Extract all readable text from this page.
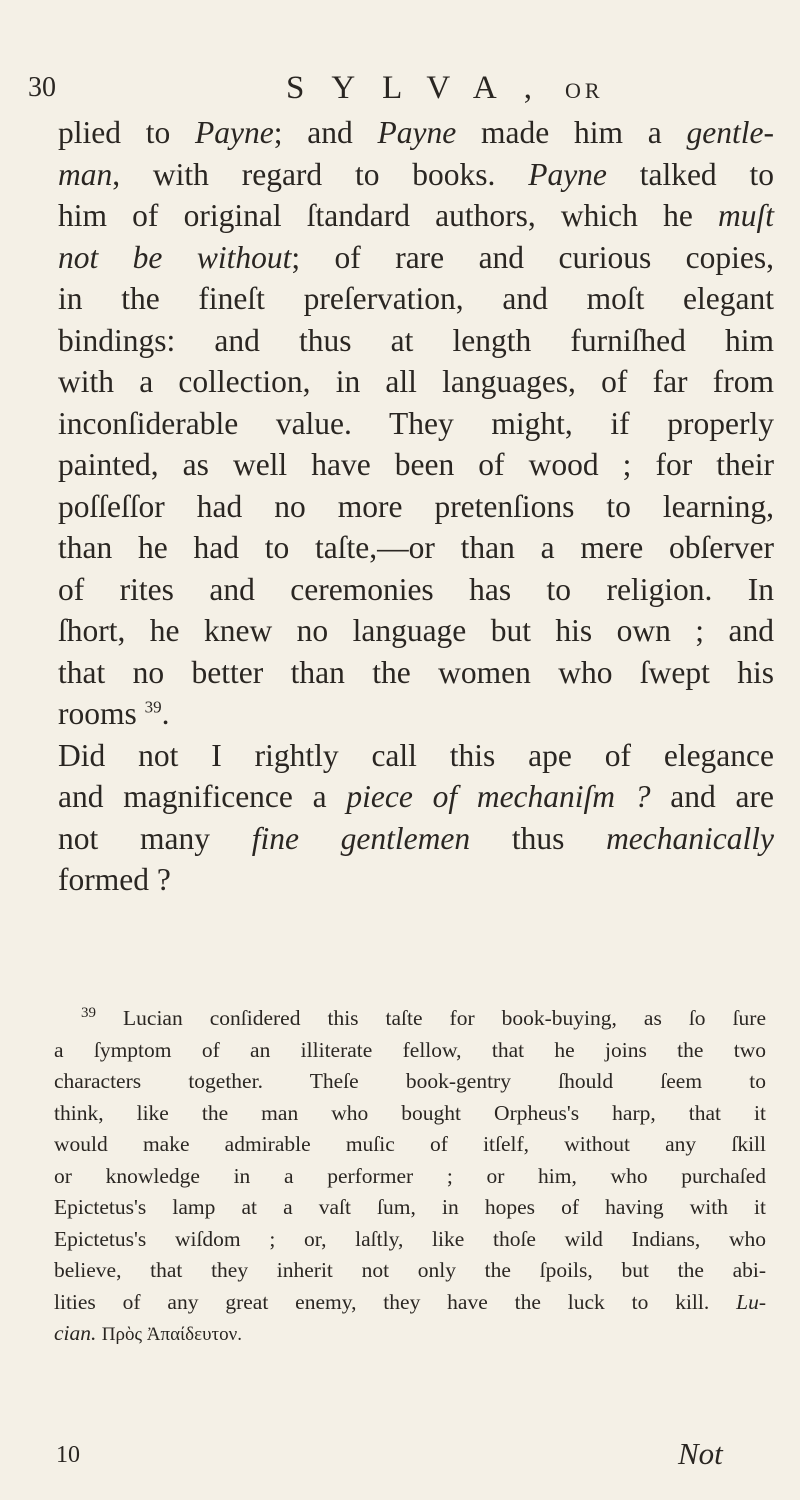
30	SYLVA, OR
plied to Payne; and Payne made him a gentle-
man, with regard to books. Payne talked to
him of original ſtandard authors, which he muſt
not be without; of rare and curious copies,
in the fineſt preſervation, and moſt elegant
bindings: and thus at length furniſhed him
with a collection, in all languages, of far from
inconſiderable value. They might, if properly
painted, as well have been of wood ; for their
poſſeſſor had no more pretenſions to learning,
than he had to taſte,—or than a mere obſerver
of rites and ceremonies has to religion. In
ſhort, he knew no language but his own ; and
that no better than the women who ſwept his
rooms $^{39}$.
Did not I rightly call this ape of elegance
and magnificence a piece of mechaniſm ? and are
not many fine gentlemen thus mechanically
formed ?
$^{39}$ Lucian conſidered this taſte for book-buying, as ſo ſure
a ſymptom of an illiterate fellow, that he joins the two
characters together. Theſe book-gentry ſhould ſeem to
think, like the man who bought Orpheus's harp, that it
would make admirable muſic of itſelf, without any ſkill
or knowledge in a performer ; or him, who purchaſed
Epictetus's lamp at a vaſt ſum, in hopes of having with it
Epictetus's wiſdom ; or, laſtly, like thoſe wild Indians, who
believe, that they inherit not only the ſpoils, but the abi-
lities of any great enemy, they have the luck to kill. Lu-
cian. Πρὸς Ἀπαίδευτον.
10	Not
